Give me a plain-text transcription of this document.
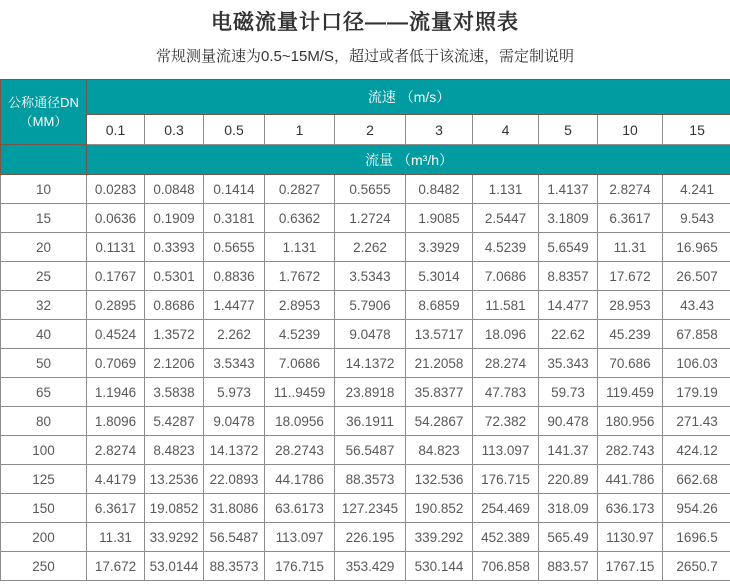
电磁流量计口径——流量对照表

常规测量流速为0.5~15M/S，超过或者低于该流速，需定制说明

公称通径DN
（MM）	流速 （m/s）									
	0.1	0.3	0.5	1	2	3	4	5	10	15
	流量 （m³/h）									
10	0.0283	0.0848	0.1414	0.2827	0.5655	0.8482	1.131	1.4137	2.8274	4.241
15	0.0636	0.1909	0.3181	0.6362	1.2724	1.9085	2.5447	3.1809	6.3617	9.543
20	0.1131	0.3393	0.5655	1.131	2.262	3.3929	4.5239	5.6549	11.31	16.965
25	0.1767	0.5301	0.8836	1.7672	3.5343	5.3014	7.0686	8.8357	17.672	26.507
32	0.2895	0.8686	1.4477	2.8953	5.7906	8.6859	11.581	14.477	28.953	43.43
40	0.4524	1.3572	2.262	4.5239	9.0478	13.5717	18.096	22.62	45.239	67.858
50	0.7069	2.1206	3.5343	7.0686	14.1372	21.2058	28.274	35.343	70.686	106.03
65	1.1946	3.5838	5.973	11..9459	23.8918	35.8377	47.783	59.73	119.459	179.19
80	1.8096	5.4287	9.0478	18.0956	36.1911	54.2867	72.382	90.478	180.956	271.43
100	2.8274	8.4823	14.1372	28.2743	56.5487	84.823	113.097	141.37	282.743	424.12
125	4.4179	13.2536	22.0893	44.1786	88.3573	132.536	176.715	220.89	441.786	662.68
150	6.3617	19.0852	31.8086	63.6173	127.2345	190.852	254.469	318.09	636.173	954.26
200	11.31	33.9292	56.5487	113.097	226.195	339.292	452.389	565.49	1130.97	1696.5
250	17.672	53.0144	88.3573	176.715	353.429	530.144	706.858	883.57	1767.15	2650.7
